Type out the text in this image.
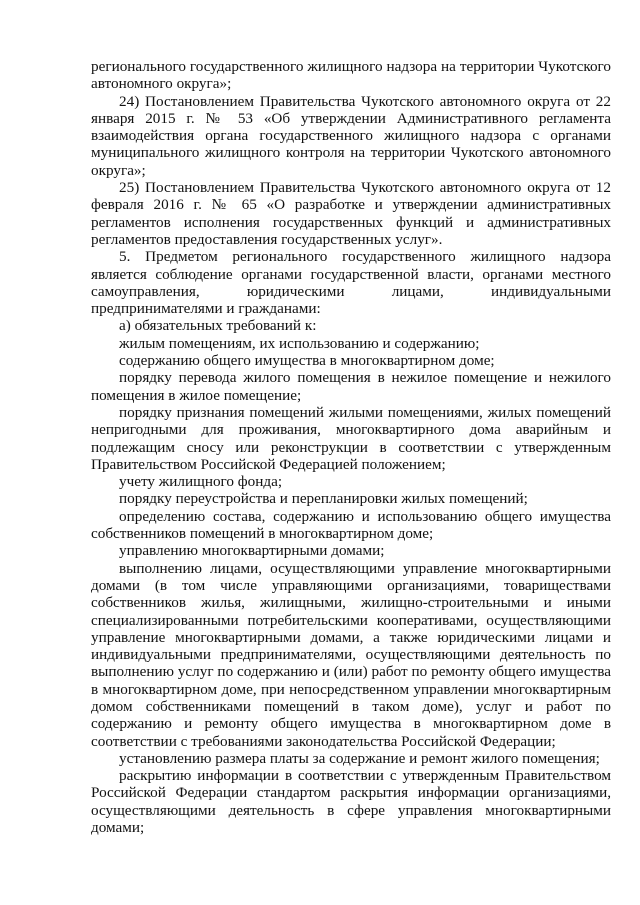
регионального государственного жилищного надзора на территории Чукотского автономного округа»;

24) Постановлением Правительства Чукотского автономного округа от 22 января 2015 г. № 53 «Об утверждении Административного регламента взаимодействия органа государственного жилищного надзора с органами муниципального жилищного контроля на территории Чукотского автономного округа»;

25) Постановлением Правительства Чукотского автономного округа от 12 февраля 2016 г. № 65 «О разработке и утверждении административных регламентов исполнения государственных функций и административных регламентов предоставления государственных услуг».

5. Предметом регионального государственного жилищного надзора является соблюдение органами государственной власти, органами местного самоуправления, юридическими лицами, индивидуальными предпринимателями и гражданами:

а) обязательных требований к:

жилым помещениям, их использованию и содержанию;

содержанию общего имущества в многоквартирном доме;

порядку перевода жилого помещения в нежилое помещение и нежилого помещения в жилое помещение;

порядку признания помещений жилыми помещениями, жилых помещений непригодными для проживания, многоквартирного дома аварийным и подлежащим сносу или реконструкции в соответствии с утвержденным Правительством Российской Федерацией положением;

учету жилищного фонда;

порядку переустройства и перепланировки жилых помещений;

определению состава, содержанию и использованию общего имущества собственников помещений в многоквартирном доме;

управлению многоквартирными домами;

выполнению лицами, осуществляющими управление многоквартирными домами (в том числе управляющими организациями, товариществами собственников жилья, жилищными, жилищно-строительными и иными специализированными потребительскими кооперативами, осуществляющими управление многоквартирными домами, а также юридическими лицами и индивидуальными предпринимателями, осуществляющими деятельность по выполнению услуг по содержанию и (или) работ по ремонту общего имущества в многоквартирном доме, при непосредственном управлении многоквартирным домом собственниками помещений в таком доме), услуг и работ по содержанию и ремонту общего имущества в многоквартирном доме в соответствии с требованиями законодательства Российской Федерации;

установлению размера платы за содержание и ремонт жилого помещения;

раскрытию информации в соответствии с утвержденным Правительством Российской Федерации стандартом раскрытия информации организациями, осуществляющими деятельность в сфере управления многоквартирными домами;
